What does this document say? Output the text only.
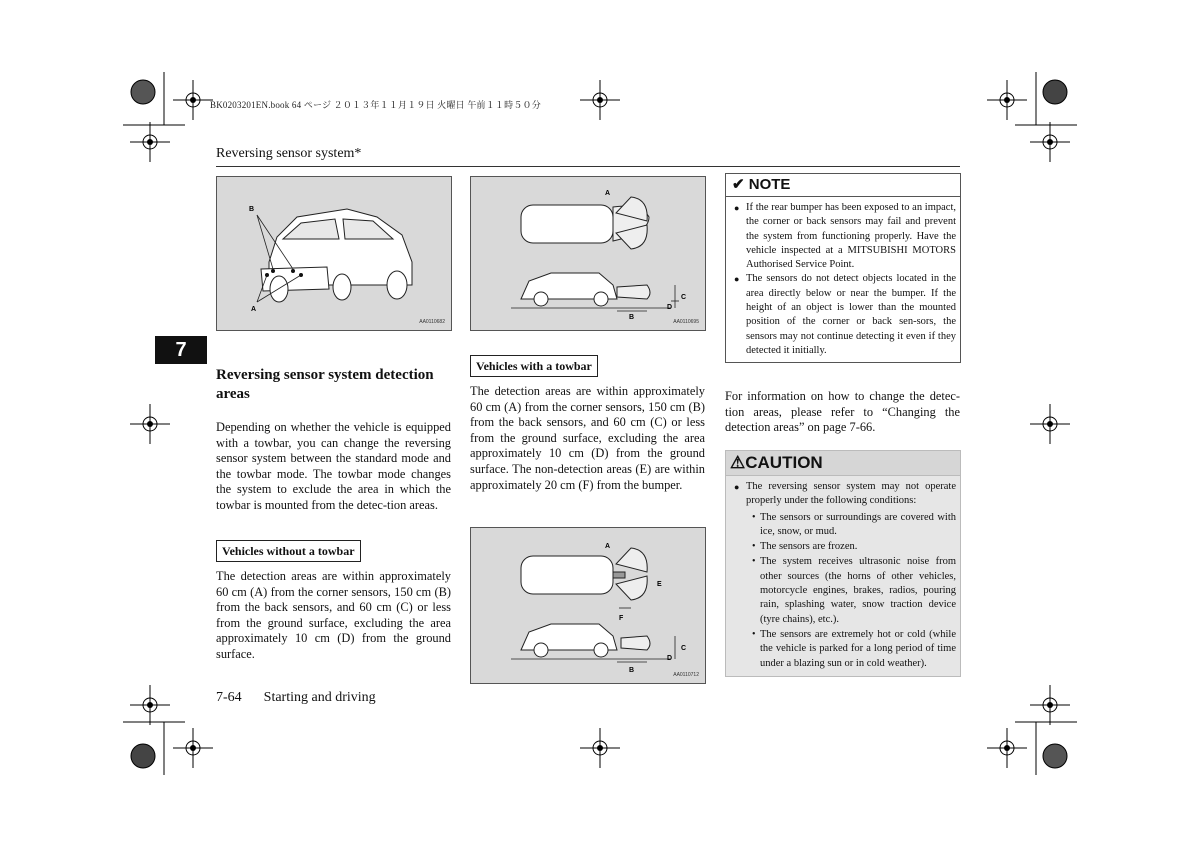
BK0203201EN.book 64 ページ ２０１３年１１月１９日 火曜日 午前１１時５０分
Reversing sensor system*
7
B
A
AA0110682
A
B
C
D
AA0110695
A
E
F
B
C
D
AA0110712
Reversing sensor system detection areas
Depending on whether the vehicle is equipped with a towbar, you can change the reversing sensor system between the standard mode and the towbar mode. The towbar mode changes the system to exclude the area in which the towbar is mounted from the detec-tion areas.
Vehicles without a towbar
The detection areas are within approximately 60 cm (A) from the corner sensors, 150 cm (B) from the back sensors, and 60 cm (C) or less from the ground surface, excluding the area approximately 10 cm (D) from the ground surface.
Vehicles with a towbar
The detection areas are within approximately 60 cm (A) from the corner sensors, 150 cm (B) from the back sensors, and 60 cm (C) or less from the ground surface, excluding the area approximately 10 cm (D) from the ground surface. The non-detection areas (E) are within approximately 20 cm (F) from the bumper.
✔︎ NOTE
● If the rear bumper has been exposed to an impact, the corner or back sensors may fail and prevent the system from functioning properly. Have the vehicle inspected at a MITSUBISHI MOTORS Authorised Service Point.
● The sensors do not detect objects located in the area directly below or near the bumper. If the height of an object is lower than the mounted position of the corner or back sen-sors, the sensors may not continue detecting it even if they detected it initially.
For information on how to change the detec-tion areas, please refer to “Changing the detection areas” on page 7-66.
⚠︎CAUTION
● The reversing sensor system may not operate properly under the following conditions:
• The sensors or surroundings are covered with ice, snow, or mud.
• The sensors are frozen.
• The system receives ultrasonic noise from other sources (the horns of other vehicles, motorcycle engines, brakes, radios, pouring rain, splashing water, snow traction device (tyre chains), etc.).
• The sensors are extremely hot or cold (while the vehicle is parked for a long period of time under a blazing sun or in cold weather).
7-64 Starting and driving
